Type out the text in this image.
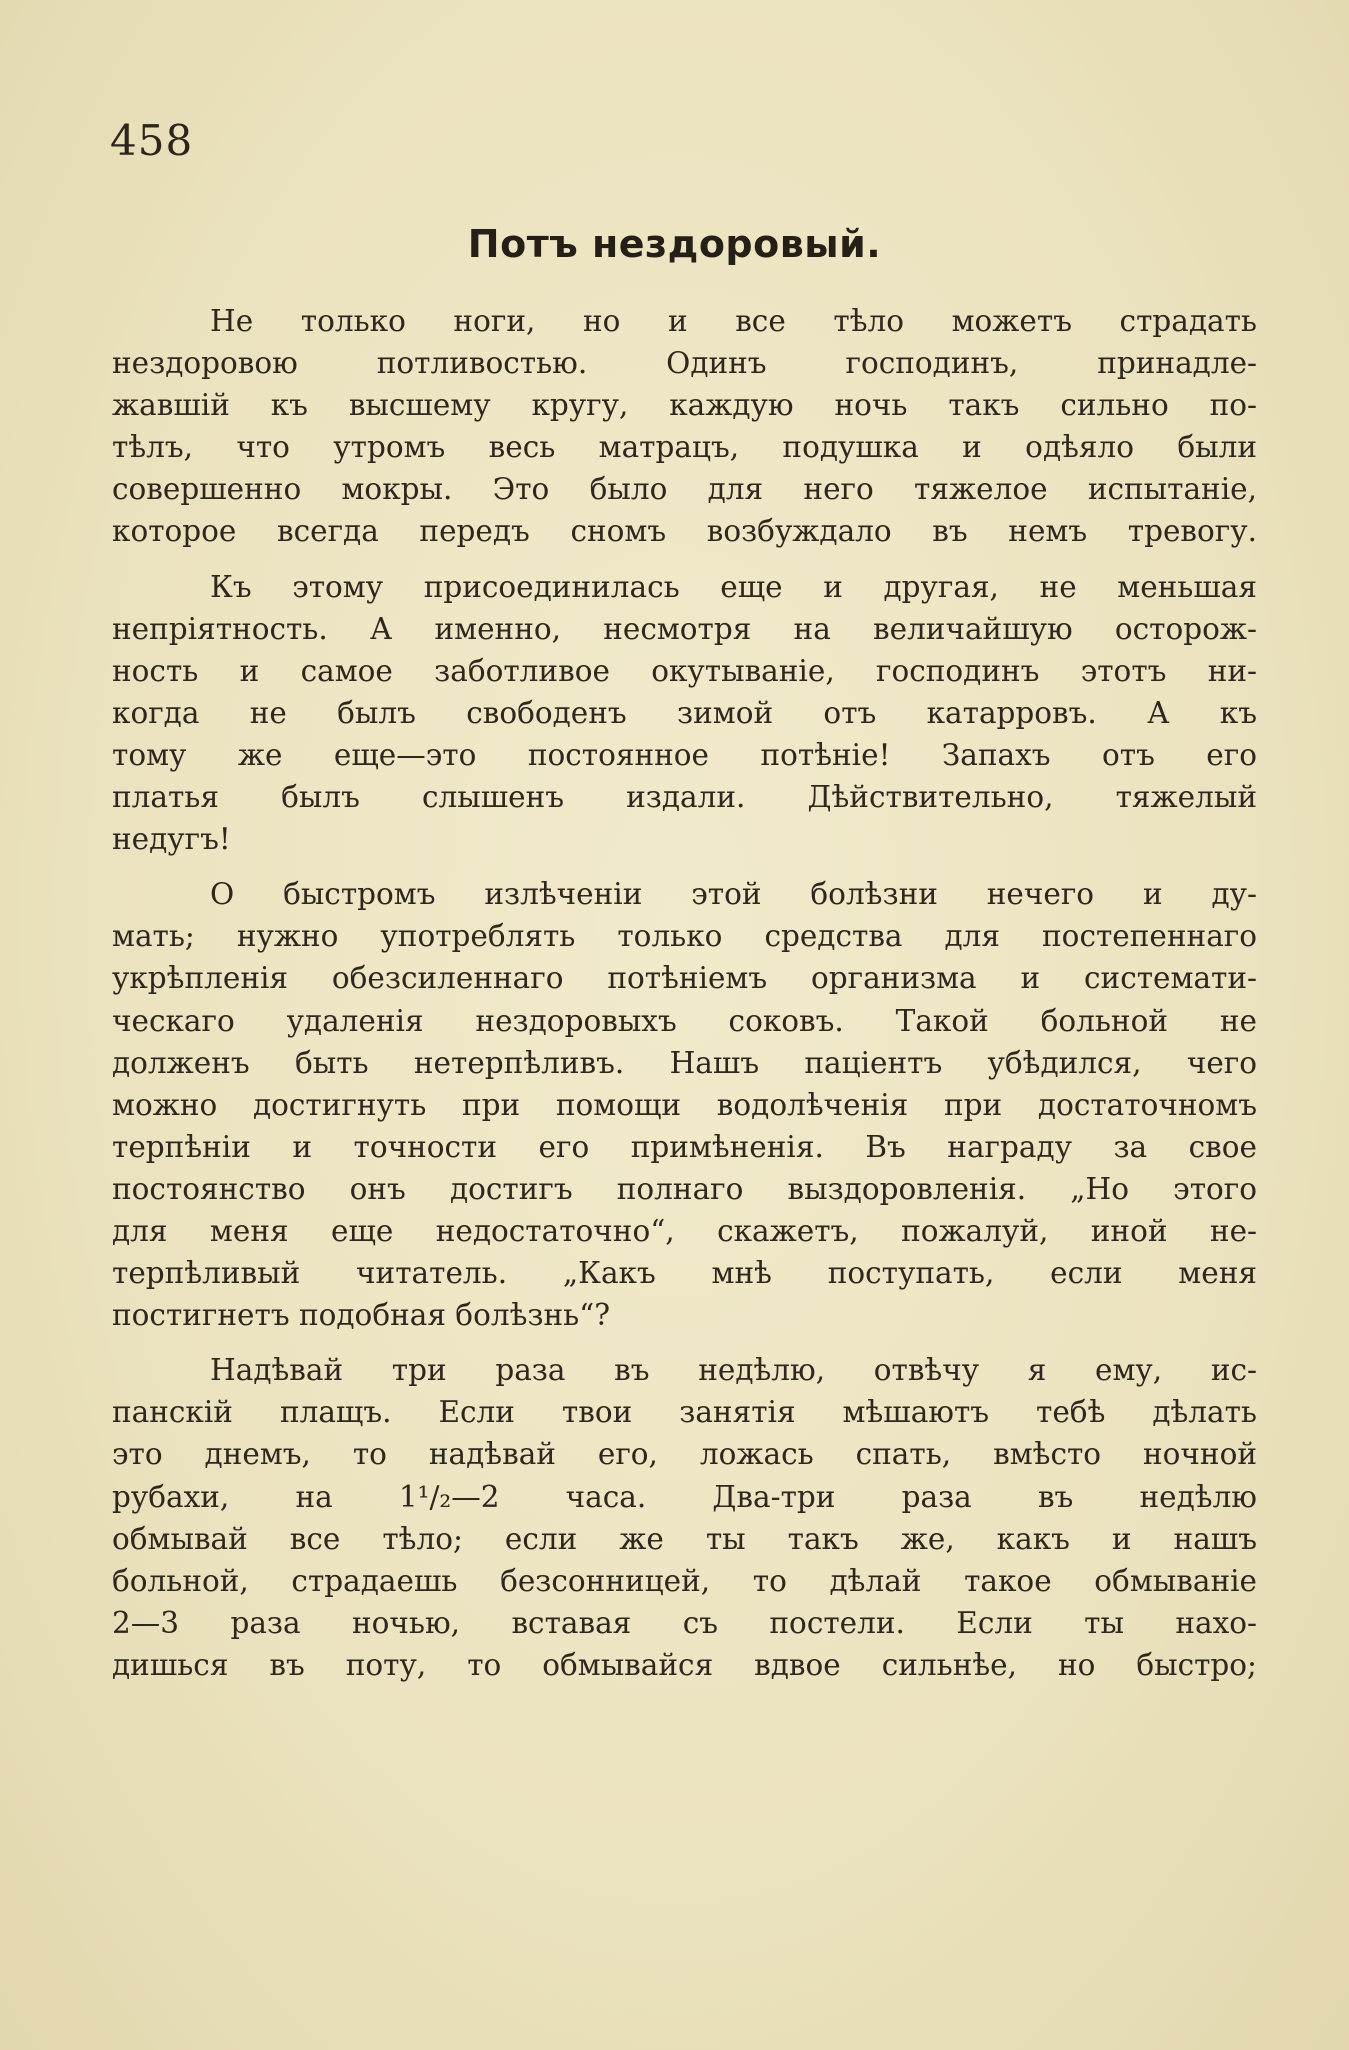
458
Потъ нездоровый.
Не только ноги, но и все тѣло можетъ страдать
нездоровою потливостью. Одинъ господинъ, принадле-
жавшій къ высшему кругу, каждую ночь такъ сильно по-
тѣлъ, что утромъ весь матрацъ, подушка и одѣяло были
совершенно мокры. Это было для него тяжелое испытаніе,
которое всегда передъ сномъ возбуждало въ немъ тревогу.
Къ этому присоединилась еще и другая, не меньшая
непріятность. А именно, несмотря на величайшую осторож-
ность и самое заботливое окутываніе, господинъ этотъ ни-
когда не былъ свободенъ зимой отъ катарровъ. А къ
тому же еще—это постоянное потѣніе! Запахъ отъ его
платья былъ слышенъ издали. Дѣйствительно, тяжелый
недугъ!
О быстромъ излѣченіи этой болѣзни нечего и ду-
мать; нужно употреблять только средства для постепеннаго
укрѣпленія обезсиленнаго потѣніемъ организма и системати-
ческаго удаленія нездоровыхъ соковъ. Такой больной не
долженъ быть нетерпѣливъ. Нашъ паціентъ убѣдился, чего
можно достигнуть при помощи водолѣченія при достаточномъ
терпѣніи и точности его примѣненія. Въ награду за свое
постоянство онъ достигъ полнаго выздоровленія. „Но этого
для меня еще недостаточно“, скажетъ, пожалуй, иной не-
терпѣливый читатель. „Какъ мнѣ поступать, если меня
постигнетъ подобная болѣзнь“?
Надѣвай три раза въ недѣлю, отвѣчу я ему, ис-
панскій плащъ. Если твои занятія мѣшаютъ тебѣ дѣлать
это днемъ, то надѣвай его, ложась спать, вмѣсто ночной
рубахи, на 1¹/₂—2 часа. Два-три раза въ недѣлю
обмывай все тѣло; если же ты такъ же, какъ и нашъ
больной, страдаешь безсонницей, то дѣлай такое обмываніе
2—3 раза ночью, вставая съ постели. Если ты нахо-
дишься въ поту, то обмывайся вдвое сильнѣе, но быстро;
